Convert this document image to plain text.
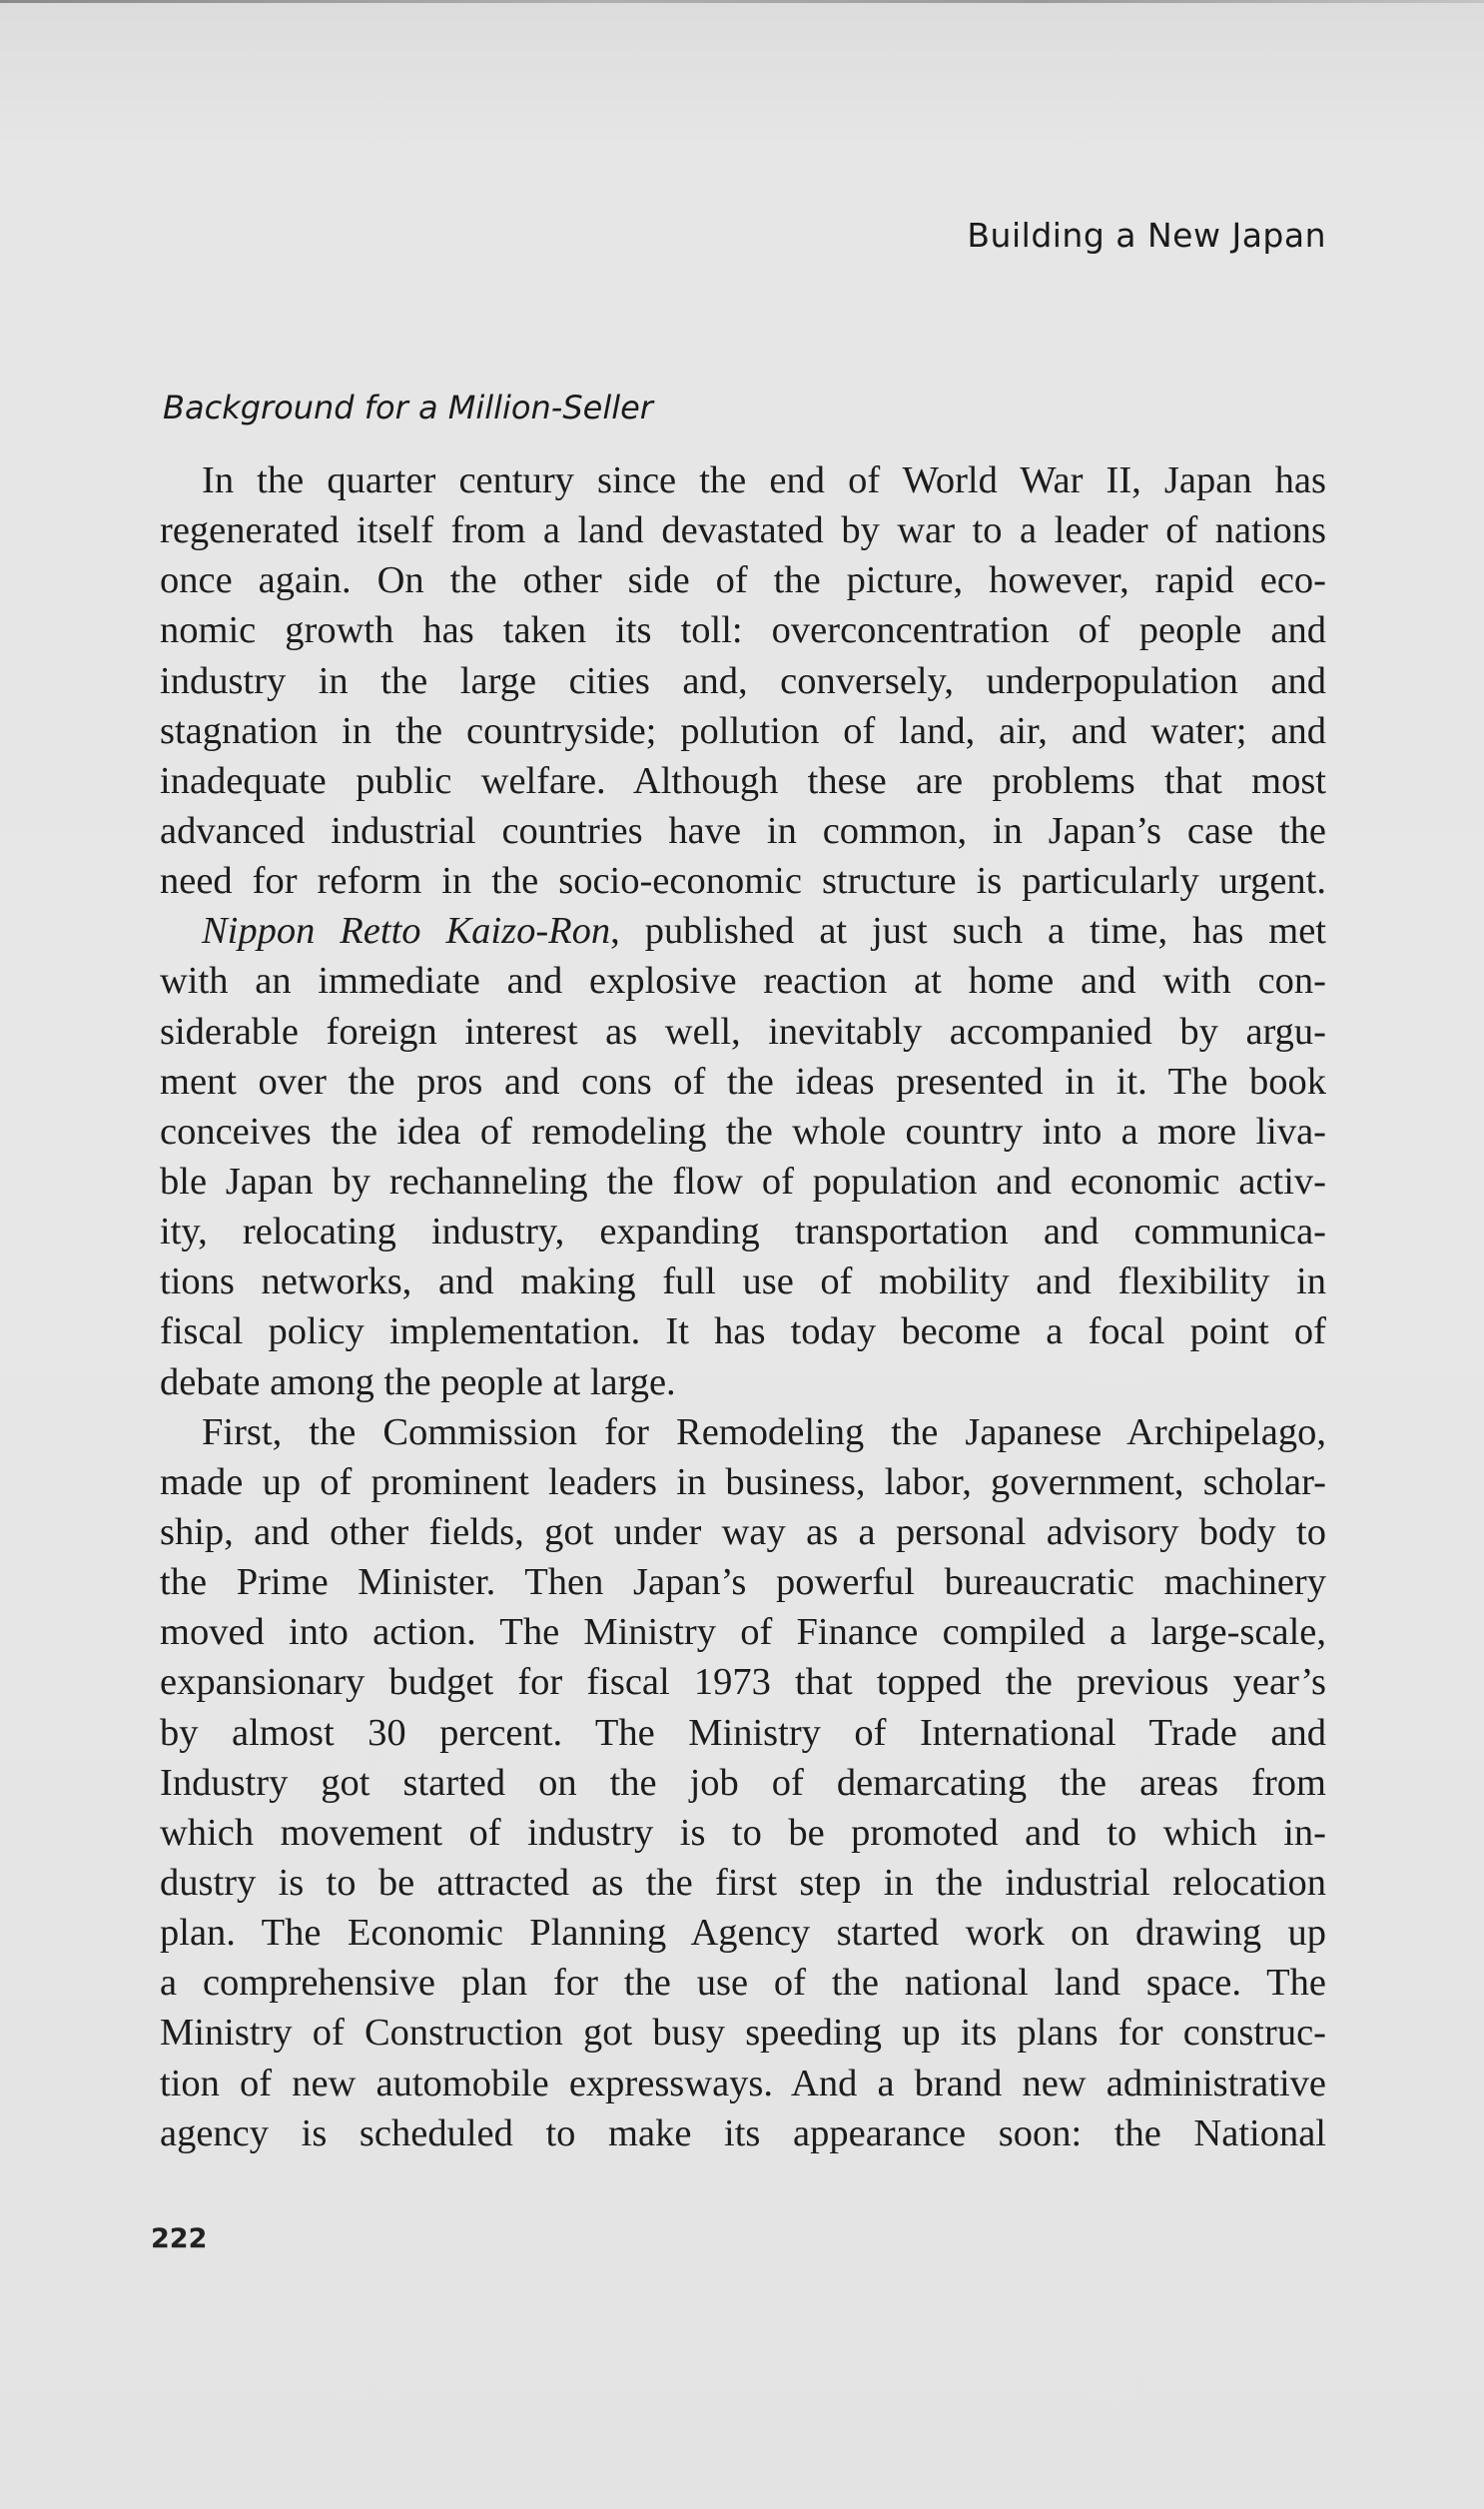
Building a New Japan
Background for a Million-Seller
In the quarter century since the end of World War II, Japan has
regenerated itself from a land devastated by war to a leader of nations
once again. On the other side of the picture, however, rapid eco-
nomic growth has taken its toll: overconcentration of people and
industry in the large cities and, conversely, underpopulation and
stagnation in the countryside; pollution of land, air, and water; and
inadequate public welfare. Although these are problems that most
advanced industrial countries have in common, in Japan’s case the
need for reform in the socio-economic structure is particularly urgent.
Nippon Retto Kaizo-Ron, published at just such a time, has met
with an immediate and explosive reaction at home and with con-
siderable foreign interest as well, inevitably accompanied by argu-
ment over the pros and cons of the ideas presented in it. The book
conceives the idea of remodeling the whole country into a more liva-
ble Japan by rechanneling the flow of population and economic activ-
ity, relocating industry, expanding transportation and communica-
tions networks, and making full use of mobility and flexibility in
fiscal policy implementation. It has today become a focal point of
debate among the people at large.
First, the Commission for Remodeling the Japanese Archipelago,
made up of prominent leaders in business, labor, government, scholar-
ship, and other fields, got under way as a personal advisory body to
the Prime Minister. Then Japan’s powerful bureaucratic machinery
moved into action. The Ministry of Finance compiled a large-scale,
expansionary budget for fiscal 1973 that topped the previous year’s
by almost 30 percent. The Ministry of International Trade and
Industry got started on the job of demarcating the areas from
which movement of industry is to be promoted and to which in-
dustry is to be attracted as the first step in the industrial relocation
plan. The Economic Planning Agency started work on drawing up
a comprehensive plan for the use of the national land space. The
Ministry of Construction got busy speeding up its plans for construc-
tion of new automobile expressways. And a brand new administrative
agency is scheduled to make its appearance soon: the National
222
